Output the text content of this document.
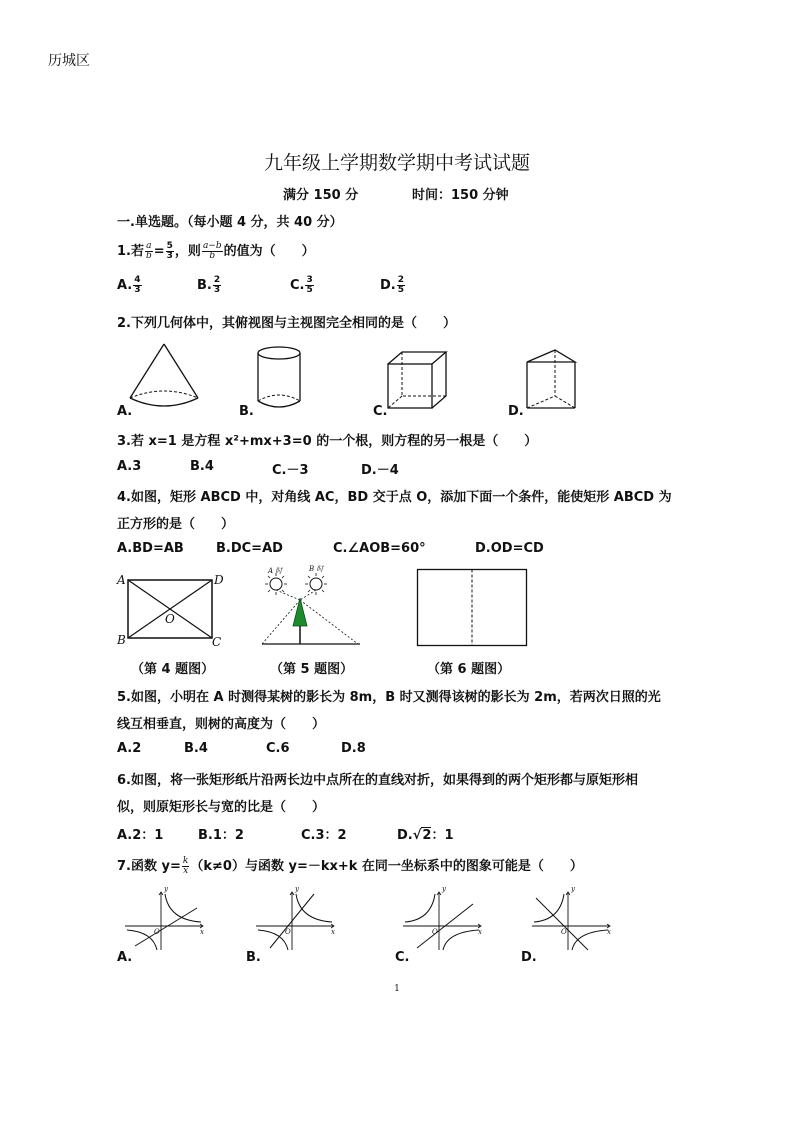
历城区
九年级上学期数学期中考试试题
满分 150 分	时间：150 分钟
一.单选题。（每小题 4 分，共 40 分）
1.若 $\frac{a}{b} = \frac{5}{3}$ ，则 $\frac{a-b}{b}$ 的值为（　　）
A. $\frac{4}{3}$	B. $\frac{2}{3}$	C. $\frac{3}{5}$	D. $\frac{2}{5}$
2.下列几何体中，其俯视图与主视图完全相同的是（　　）
A.	B.	C.	D.
3.若 x=1 是方程 x²+mx+3=0 的一个根，则方程的另一根是（　　）
A.3	B.4	C.－3	D.－4
4.如图，矩形 ABCD 中，对角线 AC，BD 交于点 O，添加下面一个条件，能使矩形 ABCD 为
正方形的是（　　）
A.BD=AB B.DC=AD	C.∠AOB=60°	D.OD=CD
A	D
B	C
O
A 时	B 时
（第 4 题图）	（第 5 题图）	（第 6 题图）
5.如图，小明在 A 时测得某树的影长为 8m，B 时又测得该树的影长为 2m，若两次日照的光
线互相垂直，则树的高度为（　　）
A.2	B.4	C.6	D.8
6.如图，将一张矩形纸片沿两长边中点所在的直线对折，如果得到的两个矩形都与原矩形相
似，则原矩形长与宽的比是（　　）
A.2：1	B.1：2	C.3：2	D.√2：1
7.函数 $y= \frac{k}{x} (k\ne 0)$与函数 y=－kx+k 在同一坐标系中的图象可能是（　　）
y
O	x
y
O	x
y
O	x
y
O	x
A.	B.	C.	D.
1
